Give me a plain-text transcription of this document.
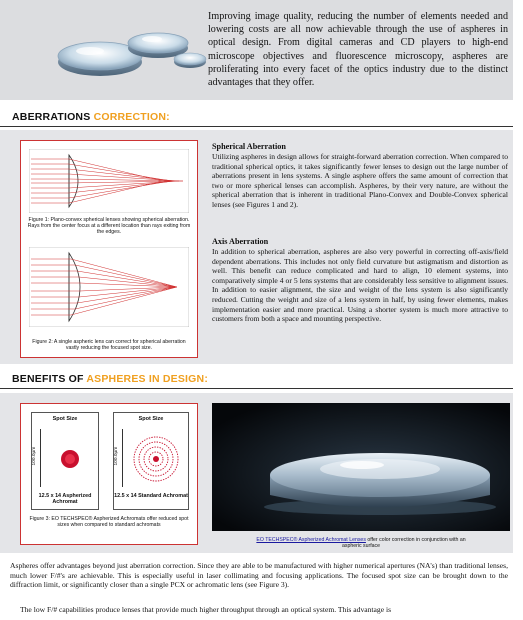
Improving image quality, reducing the number of elements needed and lowering costs are all now achievable through the use of aspheres in optical design. From digital cameras and CD players to high-end microscope objectives and fluorescence microscopy, aspheres are proliferating into every facet of the optics industry due to the distinct advantages that they offer.
ABERRATIONS CORRECTION:
Figure 1: Plano-convex spherical lenses showing spherical aberration. Rays from the center focus at a different location than rays exiting from the edges.
Figure 2: A single aspheric lens can correct for spherical aberration vastly reducing the focused spot size.
Spherical Aberration
Utilizing aspheres in design allows for straight-forward aberration correction. When compared to traditional spherical optics, it takes significantly fewer lenses to design out the large number of aberrations present in lens systems. A single asphere offers the same amount of correction that two or more spherical lenses can accomplish. Aspheres, by their very nature, are without the spherical aberration that is inherent in traditional Plano-Convex and Double-Convex spherical lenses (see Figures 1 and 2).
Axis Aberration
In addition to spherical aberration, aspheres are also very powerful in correcting off-axis/field dependent aberrations. This includes not only field curvature but astigmatism and distortion as well. This benefit can reduce complicated and hard to align, 10 element systems, into comparatively simple 4 or 5 lens systems that are considerably less sensitive to alignment issues. In addition to easier alignment, the size and weight of the lens system is also significantly reduced. Cutting the weight and size of a lens system in half, by using fewer elements, makes implementation easier and more practical. Using a shorter system is much more attractive to customers from both a space and mounting perspective.
BENEFITS OF ASPHERES IN DESIGN:
Spot Size
100.0µm
12.5 x 14 Aspherized Achromat
Spot Size
100.0µm
12.5 x 14 Standard Achromat
Figure 3: EO TECHSPEC® Aspherized Achromats offer reduced spot sizes when compared to standard achromats
EO TECHSPEC® Aspherized Achromat Lenses offer color correction in conjunction with an aspheric surface
Aspheres offer advantages beyond just aberration correction. Since they are able to be manufactured with higher numerical apertures (NA's) than traditional lenses, much lower F/#'s are achievable. This is especially useful in laser collimating and focusing applications. The focused spot size can be brought down to the diffraction limit, or significantly closer than a single PCX or achromatic lens (see Figure 3).
The low F/# capabilities produce lenses that provide much higher throughput through an optical system. This advantage is
